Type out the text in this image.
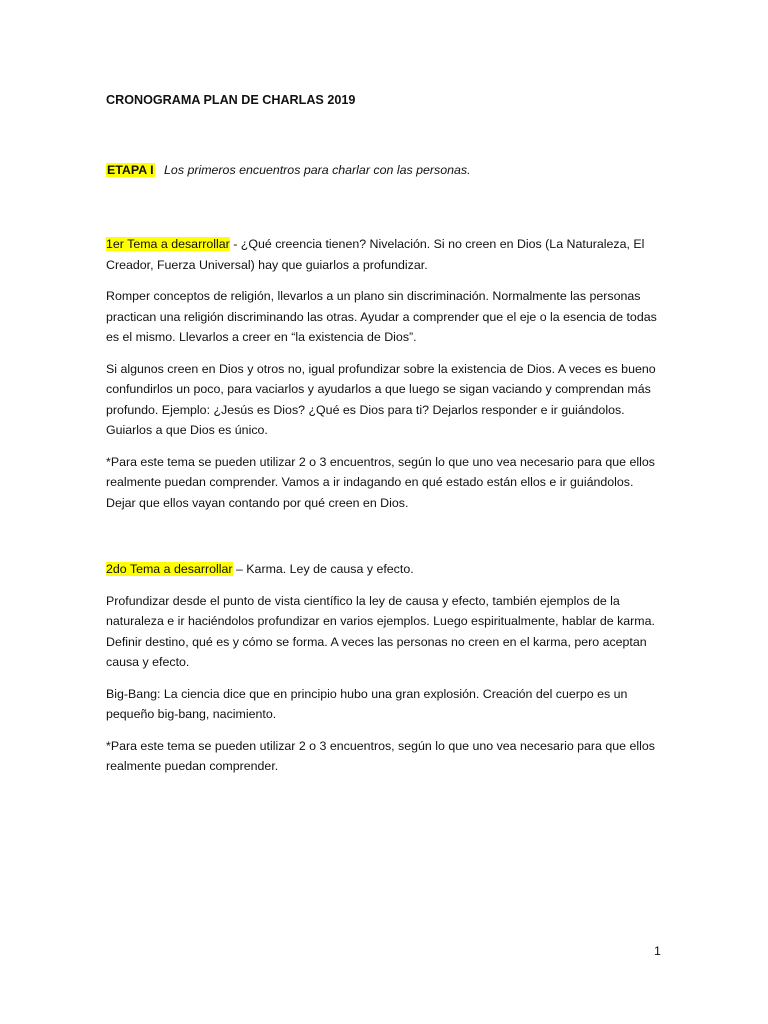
CRONOGRAMA PLAN DE CHARLAS 2019
ETAPA I Los primeros encuentros para charlar con las personas.

1er Tema a desarrollar - ¿Qué creencia tienen? Nivelación. Si no creen en Dios (La Naturaleza, El Creador, Fuerza Universal) hay que guiarlos a profundizar.

Romper conceptos de religión, llevarlos a un plano sin discriminación. Normalmente las personas practican una religión discriminando las otras. Ayudar a comprender que el eje o la esencia de todas es el mismo. Llevarlos a creer en “la existencia de Dios”.

Si algunos creen en Dios y otros no, igual profundizar sobre la existencia de Dios. A veces es bueno confundirlos un poco, para vaciarlos y ayudarlos a que luego se sigan vaciando y comprendan más profundo. Ejemplo: ¿Jesús es Dios? ¿Qué es Dios para ti? Dejarlos responder e ir guiándolos. Guiarlos a que Dios es único.

*Para este tema se pueden utilizar 2 o 3 encuentros, según lo que uno vea necesario para que ellos realmente puedan comprender. Vamos a ir indagando en qué estado están ellos e ir guiándolos. Dejar que ellos vayan contando por qué creen en Dios.

2do Tema a desarrollar – Karma. Ley de causa y efecto.

Profundizar desde el punto de vista científico la ley de causa y efecto, también ejemplos de la naturaleza e ir haciéndolos profundizar en varios ejemplos. Luego espiritualmente, hablar de karma. Definir destino, qué es y cómo se forma. A veces las personas no creen en el karma, pero aceptan causa y efecto.

Big-Bang: La ciencia dice que en principio hubo una gran explosión. Creación del cuerpo es un pequeño big-bang, nacimiento.

*Para este tema se pueden utilizar 2 o 3 encuentros, según lo que uno vea necesario para que ellos realmente puedan comprender.

1
